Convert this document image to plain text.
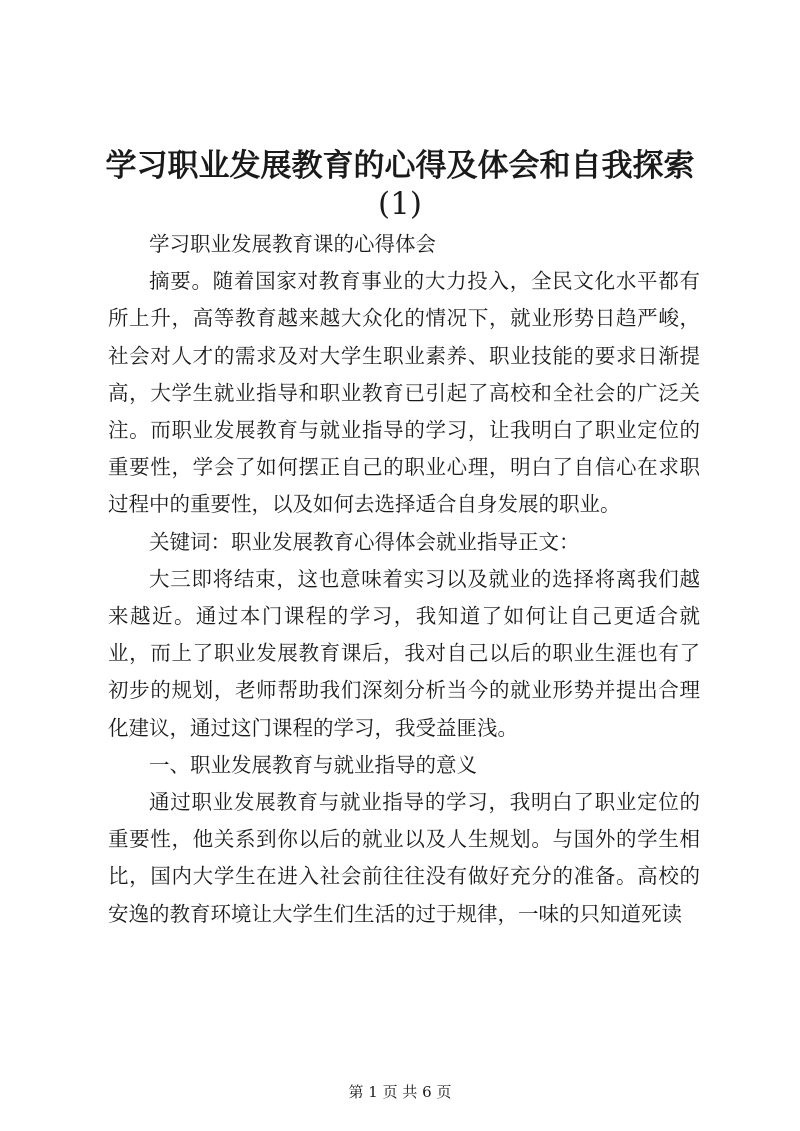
学习职业发展教育的心得及体会和自我探索
(1)

学习职业发展教育课的心得体会

摘要。随着国家对教育事业的大力投入，全民文化水平都有所上升，高等教育越来越大众化的情况下，就业形势日趋严峻，社会对人才的需求及对大学生职业素养、职业技能的要求日渐提高，大学生就业指导和职业教育已引起了高校和全社会的广泛关注。而职业发展教育与就业指导的学习，让我明白了职业定位的重要性，学会了如何摆正自己的职业心理，明白了自信心在求职过程中的重要性，以及如何去选择适合自身发展的职业。

关键词：职业发展教育心得体会就业指导正文：

大三即将结束，这也意味着实习以及就业的选择将离我们越来越近。通过本门课程的学习，我知道了如何让自己更适合就业，而上了职业发展教育课后，我对自己以后的职业生涯也有了初步的规划，老师帮助我们深刻分析当今的就业形势并提出合理化建议，通过这门课程的学习，我受益匪浅。

一、职业发展教育与就业指导的意义

通过职业发展教育与就业指导的学习，我明白了职业定位的重要性，他关系到你以后的就业以及人生规划。与国外的学生相比，国内大学生在进入社会前往往没有做好充分的准备。高校的安逸的教育环境让大学生们生活的过于规律，一味的只知道死读

第 1 页 共 6 页
